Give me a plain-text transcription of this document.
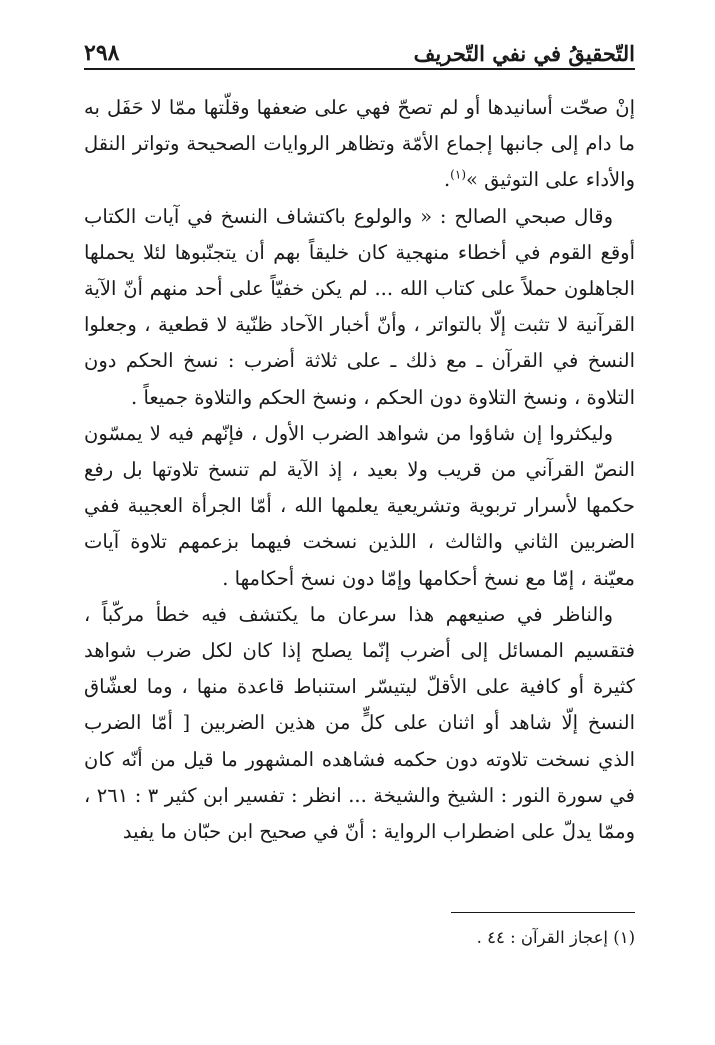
التّحقيقُ في نفي التّحريف
٢٩٨

إنْ صحّت أسانيدها أو لم تصحّ فهي على ضعفها وقلّتها ممّا لا حَفَل به ما دام إلى جانبها إجماع الأمّة وتظاهر الروايات الصحيحة وتواتر النقل والأداء على التوثيق »$^{(١)}$.

وقال صبحي الصالح : « والولوع باكتشاف النسخ في آيات الكتاب أوقع القوم في أخطاء منهجية كان خليقاً بهم أن يتجنّبوها لئلا يحملها الجاهلون حملاً على كتاب الله ... لم يكن خفيّاً على أحد منهم أنّ الآية القرآنية لا تثبت إلّا بالتواتر ، وأنّ أخبار الآحاد ظنّية لا قطعية ، وجعلوا النسخ في القرآن ـ مع ذلك ـ على ثلاثة أضرب : نسخ الحكم دون التلاوة ، ونسخ التلاوة دون الحكم ، ونسخ الحكم والتلاوة جميعاً .

وليكثروا إن شاؤوا من شواهد الضرب الأول ، فإنّهم فيه لا يمسّون النصّ القرآني من قريب ولا بعيد ، إذ الآية لم تنسخ تلاوتها بل رفع حكمها لأسرار تربوية وتشريعية يعلمها الله ، أمّا الجرأة العجيبة ففي الضربين الثاني والثالث ، اللذين نسخت فيهما بزعمهم تلاوة آيات معيّنة ، إمّا مع نسخ أحكامها وإمّا دون نسخ أحكامها .

والناظر في صنيعهم هذا سرعان ما يكتشف فيه خطأ مركّباً ، فتقسيم المسائل إلى أضرب إنّما يصلح إذا كان لكل ضرب شواهد كثيرة أو كافية على الأقلّ ليتيسّر استنباط قاعدة منها ، وما لعشّاق النسخ إلّا شاهد أو اثنان على كلٍّ من هذين الضربين [ أمّا الضرب الذي نسخت تلاوته دون حكمه فشاهده المشهور ما قيل من أنّه كان في سورة النور : الشيخ والشيخة ... انظر : تفسير ابن كثير ٣ : ٢٦١ ، وممّا يدلّ على اضطراب الرواية : أنّ في صحيح ابن حبّان ما يفيد

(١) إعجاز القرآن : ٤٤ .
